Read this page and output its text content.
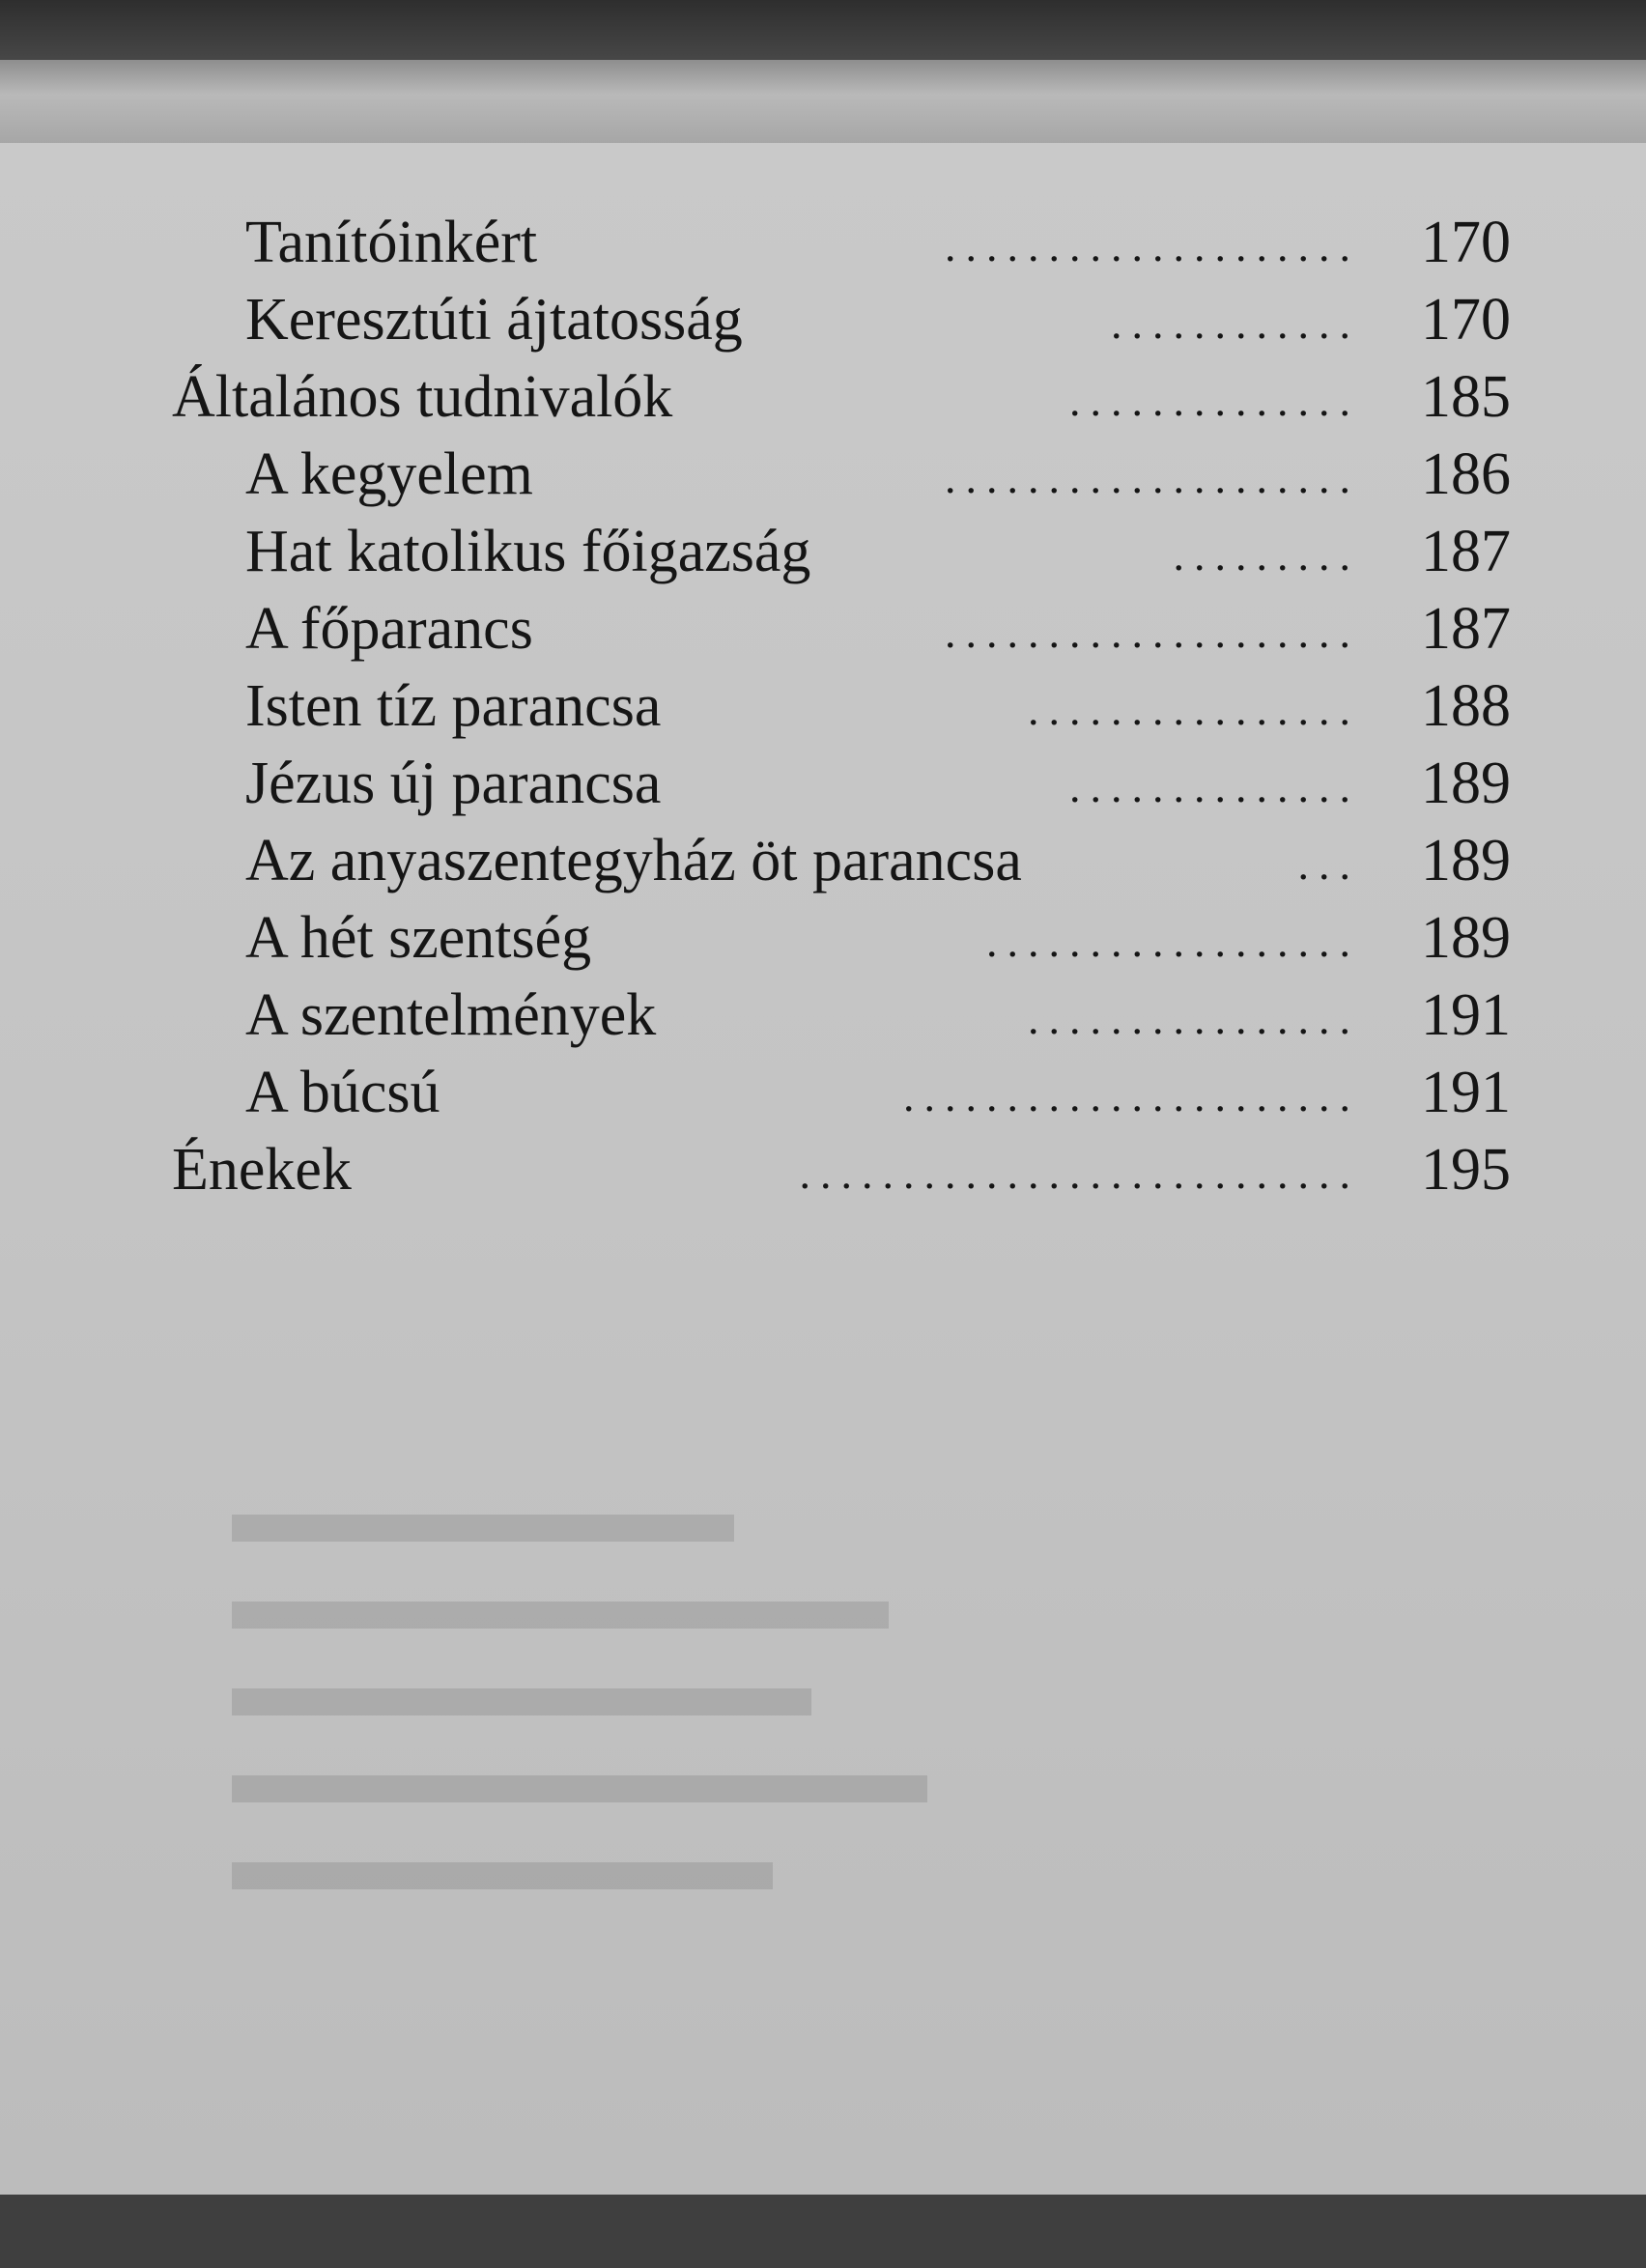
Tanítóinkért	....................	170
Keresztúti ájtatosság	............	170
Általános tudnivalók	..............	185
A kegyelem	....................	186
Hat katolikus főigazság	.........	187
A főparancs	....................	187
Isten tíz parancsa	................	188
Jézus új parancsa	..............	189
Az anyaszentegyház öt parancsa	...	189
A hét szentség	..................	189
A szentelmények	................	191
A búcsú	......................	191
Énekek	...........................	195
